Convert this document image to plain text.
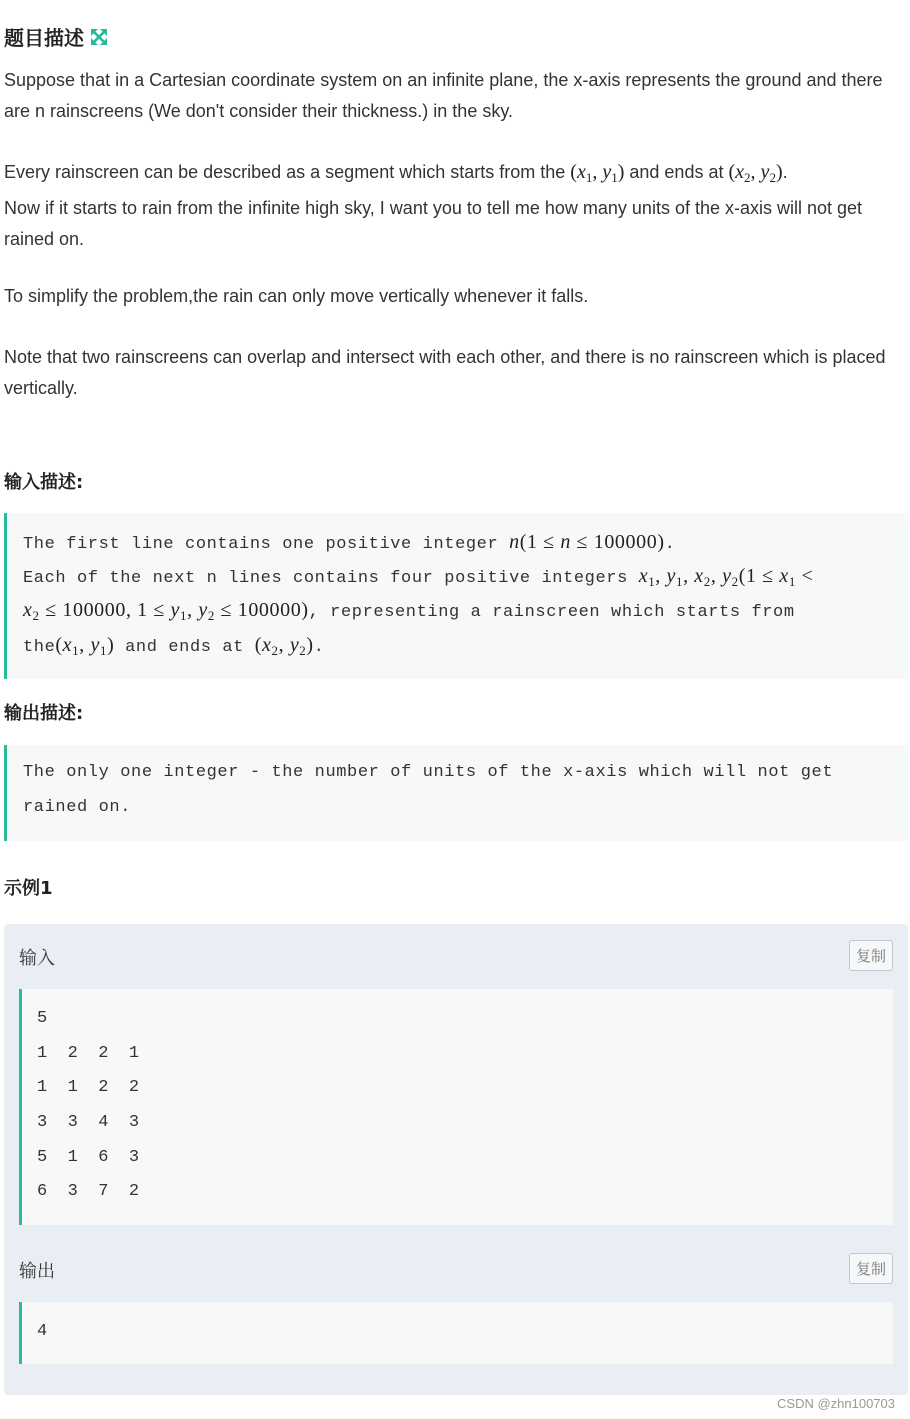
题目描述
Suppose that in a Cartesian coordinate system on an infinite plane, the x-axis represents the ground and there are n rainscreens (We don't consider their thickness.) in the sky.
Every rainscreen can be described as a segment which starts from the ($x_1$, $y_1$) and ends at ($x_2$, $y_2$).
Now if it starts to rain from the infinite high sky, I want you to tell me how many units of the x-axis will not get rained on.
To simplify the problem,the rain can only move vertically whenever it falls.
Note that two rainscreens can overlap and intersect with each other, and there is no rainscreen which is placed vertically.
输入描述:
The first line contains one positive integer n(1 ≤ n ≤ 100000).
Each of the next n lines contains four positive integers $x_1$, $y_1$, $x_2$, $y_2(1 \le x_1$ <
$x_2 \le 100000$, $1 \le y_1$, $y_2 \le 100000$), representing a rainscreen which starts from
$the(x_1$, $y_1$) and ends at ($x_2$, $y_2$).
输出描述:
The only one integer - the number of units of the x-axis which will not get
rained on.
示例1
输入	复制
5
1  2  2  1
1  1  2  2
3  3  4  3
5  1  6  3
6  3  7  2
输出	复制
4
CSDN @zhn100703
